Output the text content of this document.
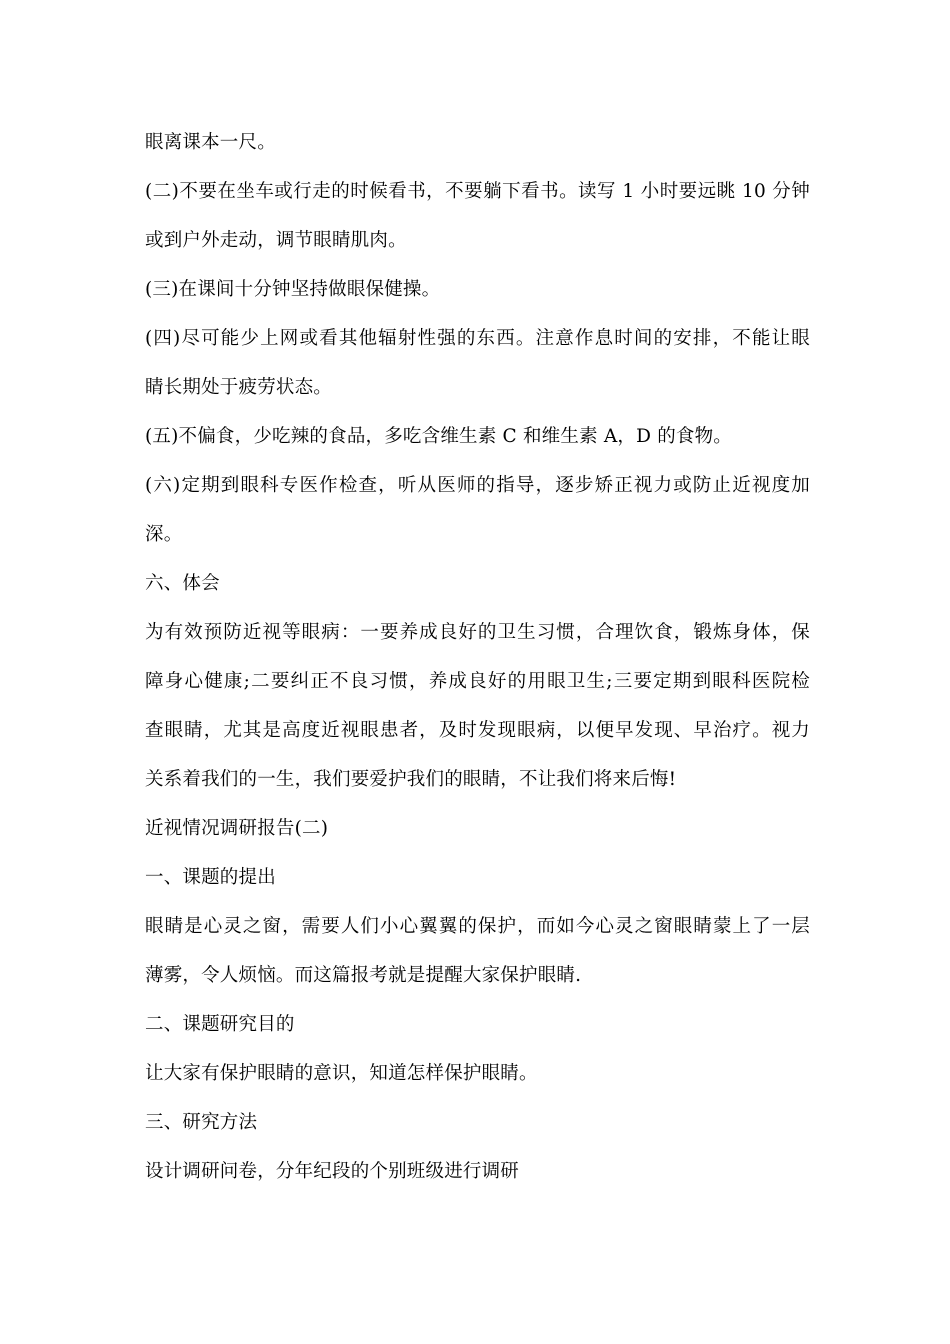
眼离课本一尺。
(二)不要在坐车或行走的时候看书，不要躺下看书。读写 1 小时要远眺 10 分钟
或到户外走动，调节眼睛肌肉。
(三)在课间十分钟坚持做眼保健操。
(四)尽可能少上网或看其他辐射性强的东西。注意作息时间的安排，不能让眼
睛长期处于疲劳状态。
(五)不偏食，少吃辣的食品，多吃含维生素 C 和维生素 A，D 的食物。
(六)定期到眼科专医作检查，听从医师的指导，逐步矫正视力或防止近视度加
深。
六、体会
为有效预防近视等眼病：一要养成良好的卫生习惯，合理饮食，锻炼身体，保
障身心健康;二要纠正不良习惯，养成良好的用眼卫生;三要定期到眼科医院检
查眼睛，尤其是高度近视眼患者，及时发现眼病，以便早发现、早治疗。视力
关系着我们的一生，我们要爱护我们的眼睛，不让我们将来后悔!
近视情况调研报告(二)
一、课题的提出
眼睛是心灵之窗，需要人们小心翼翼的保护，而如今心灵之窗眼睛蒙上了一层
薄雾，令人烦恼。而这篇报考就是提醒大家保护眼睛.
二、课题研究目的
让大家有保护眼睛的意识，知道怎样保护眼睛。
三、研究方法
设计调研问卷，分年纪段的个别班级进行调研
